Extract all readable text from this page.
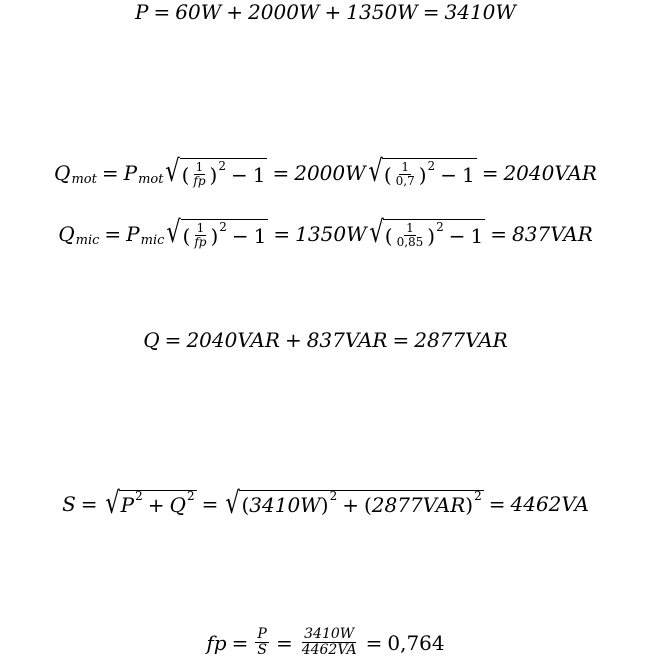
P = 60W + 2000W + 1350W = 3410W
Q mot = P mot √ ( $\frac{1}{fp}$ ) 2 − 1 = 2000W √ ( $\frac{1}{0,7}$ ) 2 − 1 = 2040VAR
Q mic = P mic √ ( $\frac{1}{fp}$ ) 2 − 1 = 1350W √ ( $\frac{1}{0,85}$ ) 2 − 1 = 837VAR
Q = 2040VAR + 837VAR = 2877VAR
S = √ P 2 + Q 2 = √ ( 3410W ) 2 + ( 2877VAR ) 2 = 4462VA
fp = $\frac{P}{S} = \frac{3410W}{4462VA} = 0,764$
